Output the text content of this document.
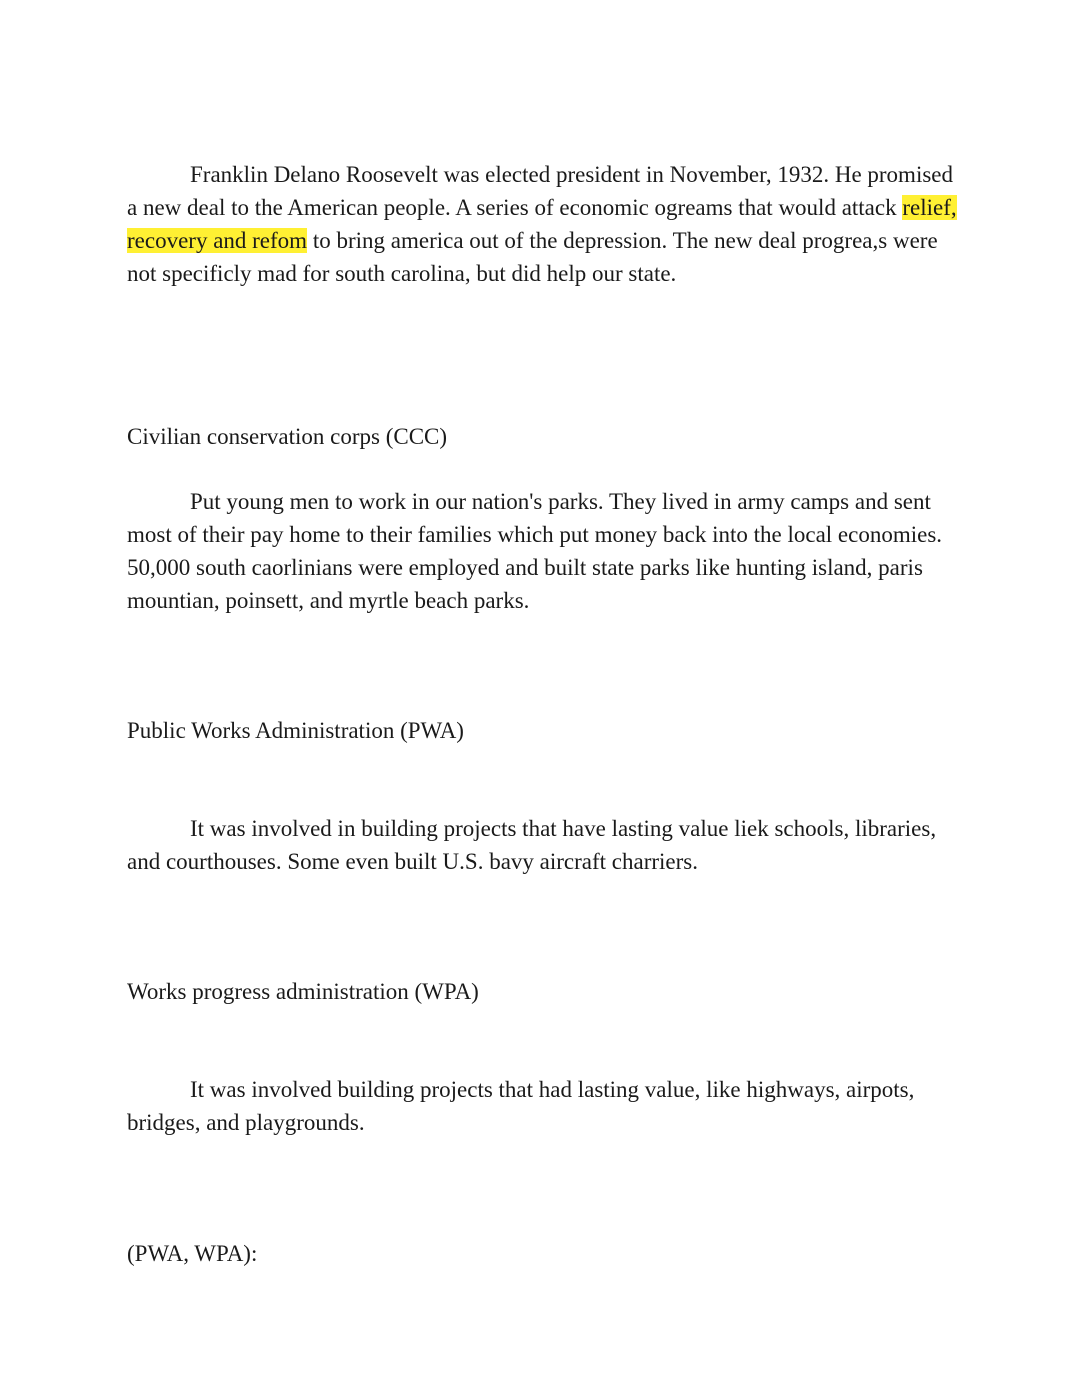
Franklin Delano Roosevelt was elected president in November, 1932. He promised a new deal to the American people. A series of economic ogreams that would attack relief, recovery and refom to bring america out of the depression. The new deal progrea,s were not specificly mad for south carolina, but did help our state.

Civilian conservation corps (CCC)

Put young men to work in our nation's parks. They lived in army camps and sent most of their pay home to their families which put money back into the local economies. 50,000 south caorlinians were employed and built state parks like hunting island, paris mountian, poinsett, and myrtle beach parks.

Public Works Administration (PWA)

It was involved in building projects that have lasting value liek schools, libraries, and courthouses. Some even built U.S. bavy aircraft charriers.

Works progress administration (WPA)

It was involved building projects that had lasting value, like highways, airpots, bridges, and playgrounds.

(PWA, WPA):
